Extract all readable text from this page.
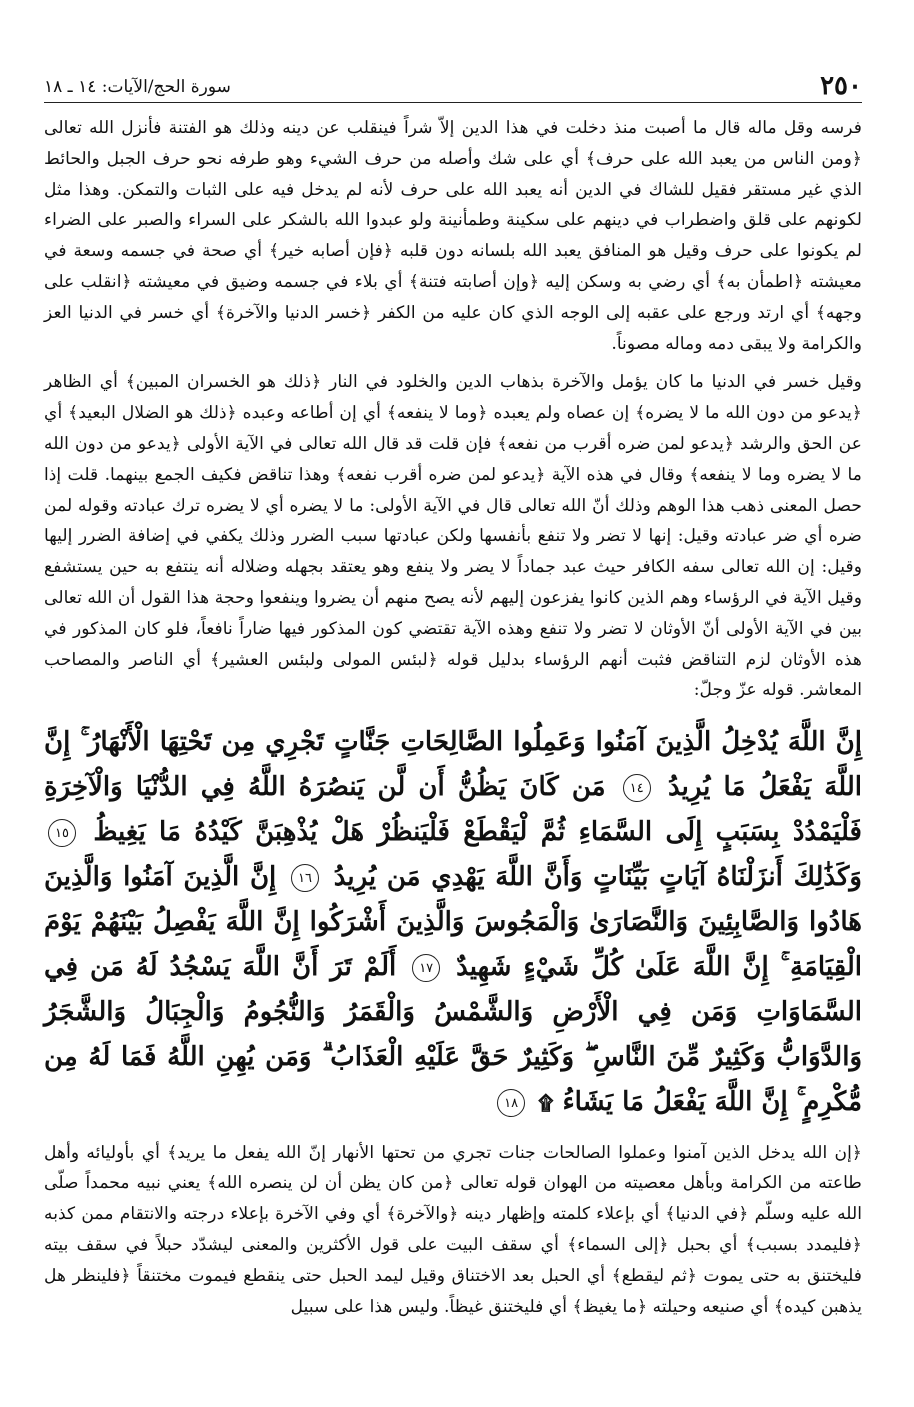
٢٥٠
سورة الحج/الآيات: ١٤ ـ ١٨

فرسه وقل ماله قال ما أصبت منذ دخلت في هذا الدين إلاّ شراً فينقلب عن دينه وذلك هو الفتنة فأنزل الله تعالى ﴿ومن الناس من يعبد الله على حرف﴾ أي على شك وأصله من حرف الشيء وهو طرفه نحو حرف الجبل والحائط الذي غير مستقر فقيل للشاك في الدين أنه يعبد الله على حرف لأنه لم يدخل فيه على الثبات والتمكن. وهذا مثل لكونهم على قلق واضطراب في دينهم على سكينة وطمأنينة ولو عبدوا الله بالشكر على السراء والصبر على الضراء لم يكونوا على حرف وقيل هو المنافق يعبد الله بلسانه دون قلبه ﴿فإن أصابه خير﴾ أي صحة في جسمه وسعة في معيشته ﴿اطمأن به﴾ أي رضي به وسكن إليه ﴿وإن أصابته فتنة﴾ أي بلاء في جسمه وضيق في معيشته ﴿انقلب على وجهه﴾ أي ارتد ورجع على عقبه إلى الوجه الذي كان عليه من الكفر ﴿خسر الدنيا والآخرة﴾ أي خسر في الدنيا العز والكرامة ولا يبقى دمه وماله مصوناً.

وقيل خسر في الدنيا ما كان يؤمل والآخرة بذهاب الدين والخلود في النار ﴿ذلك هو الخسران المبين﴾ أي الظاهر ﴿يدعو من دون الله ما لا يضره﴾ إن عصاه ولم يعبده ﴿وما لا ينفعه﴾ أي إن أطاعه وعبده ﴿ذلك هو الضلال البعيد﴾ أي عن الحق والرشد ﴿يدعو لمن ضره أقرب من نفعه﴾ فإن قلت قد قال الله تعالى في الآية الأولى ﴿يدعو من دون الله ما لا يضره وما لا ينفعه﴾ وقال في هذه الآية ﴿يدعو لمن ضره أقرب نفعه﴾ وهذا تناقض فكيف الجمع بينهما. قلت إذا حصل المعنى ذهب هذا الوهم وذلك أنّ الله تعالى قال في الآية الأولى: ما لا يضره أي لا يضره ترك عبادته وقوله لمن ضره أي ضر عبادته وقيل: إنها لا تضر ولا تنفع بأنفسها ولكن عبادتها سبب الضرر وذلك يكفي في إضافة الضرر إليها وقيل: إن الله تعالى سفه الكافر حيث عبد جماداً لا يضر ولا ينفع وهو يعتقد بجهله وضلاله أنه ينتفع به حين يستشفع وقيل الآية في الرؤساء وهم الذين كانوا يفزعون إليهم لأنه يصح منهم أن يضروا وينفعوا وحجة هذا القول أن الله تعالى بين في الآية الأولى أنّ الأوثان لا تضر ولا تنفع وهذه الآية تقتضي كون المذكور فيها ضاراً نافعاً، فلو كان المذكور في هذه الأوثان لزم التناقض فثبت أنهم الرؤساء بدليل قوله ﴿لبئس المولى ولبئس العشير﴾ أي الناصر والمصاحب المعاشر. قوله عزّ وجلّ:

إِنَّ اللَّهَ يُدْخِلُ الَّذِينَ آمَنُوا وَعَمِلُوا الصَّالِحَاتِ جَنَّاتٍ تَجْرِي مِن تَحْتِهَا الْأَنْهَارُ ۚ إِنَّ اللَّهَ يَفْعَلُ مَا يُرِيدُ ١٤ مَن كَانَ يَظُنُّ أَن لَّن يَنصُرَهُ اللَّهُ فِي الدُّنْيَا وَالْآخِرَةِ فَلْيَمْدُدْ بِسَبَبٍ إِلَى السَّمَاءِ ثُمَّ لْيَقْطَعْ فَلْيَنظُرْ هَلْ يُذْهِبَنَّ كَيْدُهُ مَا يَغِيظُ ١٥ وَكَذَٰلِكَ أَنزَلْنَاهُ آيَاتٍ بَيِّنَاتٍ وَأَنَّ اللَّهَ يَهْدِي مَن يُرِيدُ ١٦ إِنَّ الَّذِينَ آمَنُوا وَالَّذِينَ هَادُوا وَالصَّابِئِينَ وَالنَّصَارَىٰ وَالْمَجُوسَ وَالَّذِينَ أَشْرَكُوا إِنَّ اللَّهَ يَفْصِلُ بَيْنَهُمْ يَوْمَ الْقِيَامَةِ ۚ إِنَّ اللَّهَ عَلَىٰ كُلِّ شَيْءٍ شَهِيدٌ ١٧ أَلَمْ تَرَ أَنَّ اللَّهَ يَسْجُدُ لَهُ مَن فِي السَّمَاوَاتِ وَمَن فِي الْأَرْضِ وَالشَّمْسُ وَالْقَمَرُ وَالنُّجُومُ وَالْجِبَالُ وَالشَّجَرُ وَالدَّوَابُّ وَكَثِيرٌ مِّنَ النَّاسِ ۖ وَكَثِيرٌ حَقَّ عَلَيْهِ الْعَذَابُ ۗ وَمَن يُهِنِ اللَّهُ فَمَا لَهُ مِن مُّكْرِمٍ ۚ إِنَّ اللَّهَ يَفْعَلُ مَا يَشَاءُ ۩ ١٨

﴿إن الله يدخل الذين آمنوا وعملوا الصالحات جنات تجري من تحتها الأنهار إنّ الله يفعل ما يريد﴾ أي بأوليائه وأهل طاعته من الكرامة وبأهل معصيته من الهوان قوله تعالى ﴿من كان يظن أن لن ينصره الله﴾ يعني نبيه محمداً صلّى الله عليه وسلّم ﴿في الدنيا﴾ أي بإعلاء كلمته وإظهار دينه ﴿والآخرة﴾ أي وفي الآخرة بإعلاء درجته والانتقام ممن كذبه ﴿فليمدد بسبب﴾ أي بحبل ﴿إلى السماء﴾ أي سقف البيت على قول الأكثرين والمعنى ليشدّد حبلاً في سقف بيته فليختنق به حتى يموت ﴿ثم ليقطع﴾ أي الحبل بعد الاختناق وقيل ليمد الحبل حتى ينقطع فيموت مختنقاً ﴿فلينظر هل يذهبن كيده﴾ أي صنيعه وحيلته ﴿ما يغيظ﴾ أي فليختنق غيظاً. وليس هذا على سبيل
